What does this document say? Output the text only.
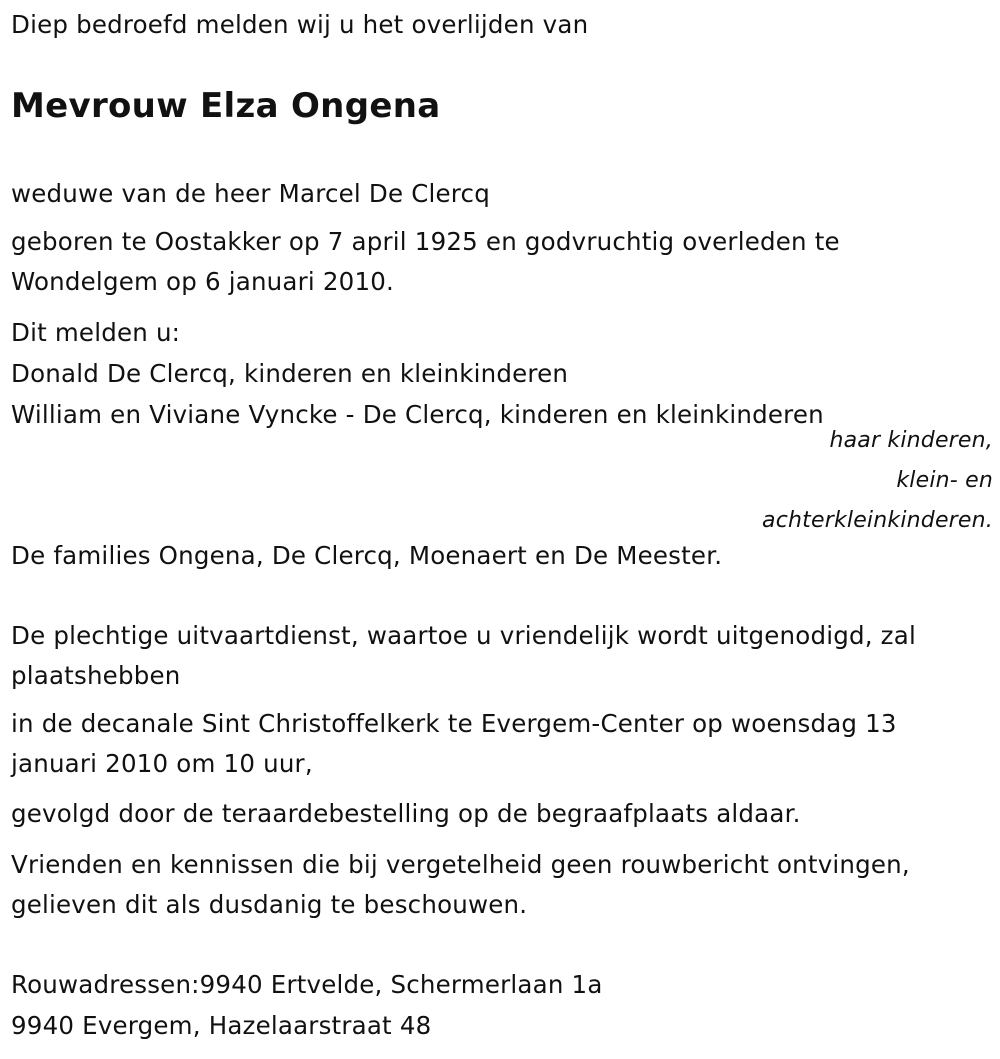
Diep bedroefd melden wij u het overlijden van
Mevrouw Elza Ongena
weduwe van de heer Marcel De Clercq
geboren te Oostakker op 7 april 1925 en godvruchtig overleden te
Wondelgem op 6 januari 2010.
Dit melden u:
Donald De Clercq, kinderen en kleinkinderen
William en Viviane Vyncke - De Clercq, kinderen en kleinkinderen
haar kinderen,
klein- en
achterkleinkinderen.
De families Ongena, De Clercq, Moenaert en De Meester.
De plechtige uitvaartdienst, waartoe u vriendelijk wordt uitgenodigd, zal
plaatshebben
in de decanale Sint Christoffelkerk te Evergem-Center op woensdag 13
januari 2010 om 10 uur,
gevolgd door de teraardebestelling op de begraafplaats aldaar.
Vrienden en kennissen die bij vergetelheid geen rouwbericht ontvingen,
gelieven dit als dusdanig te beschouwen.
Rouwadressen:9940 Ertvelde, Schermerlaan 1a
9940 Evergem, Hazelaarstraat 48
